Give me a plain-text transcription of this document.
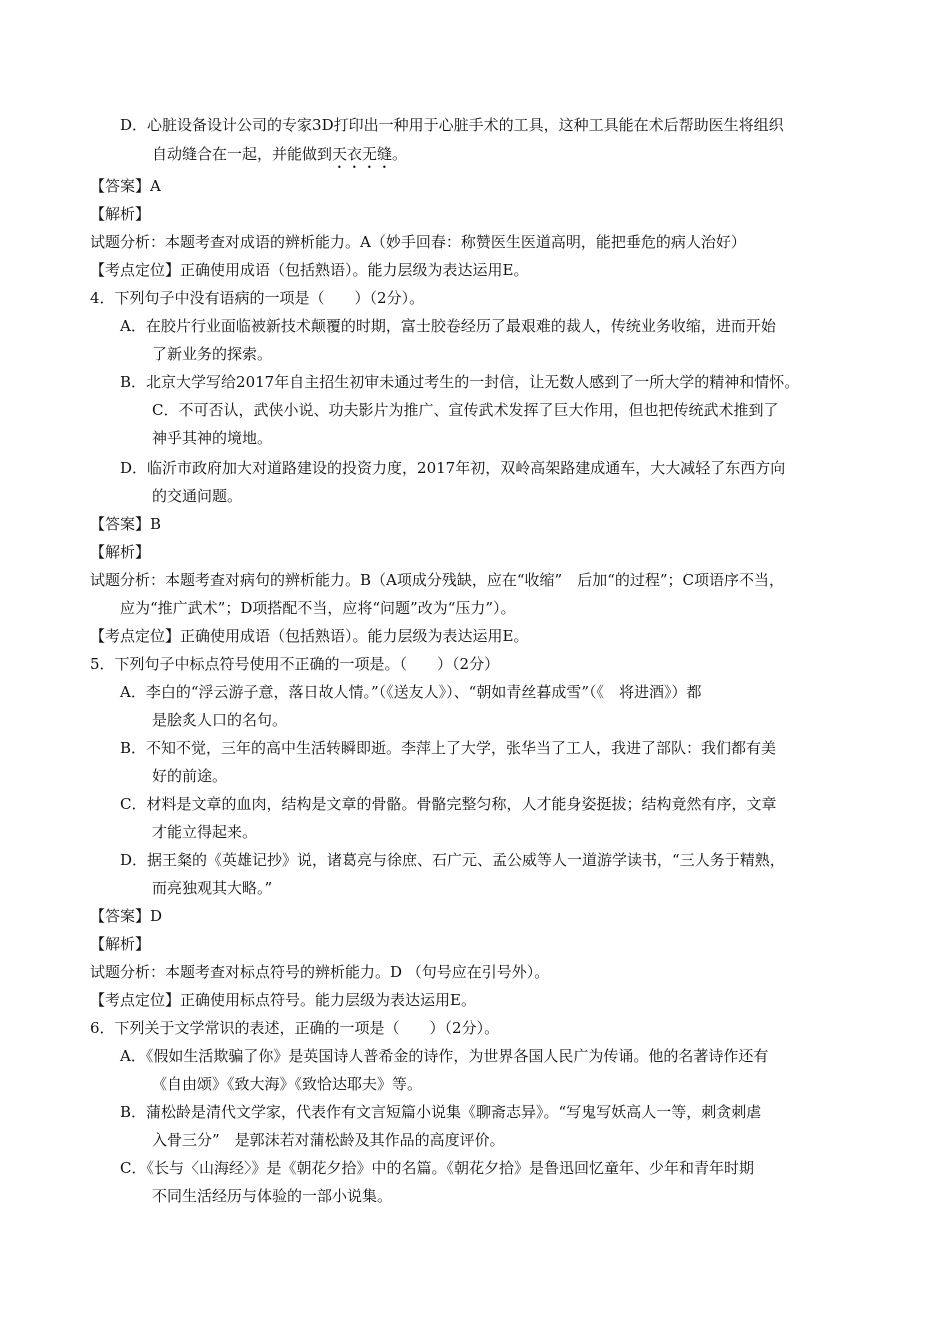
D．心脏设备设计公司的专家3D打印出一种用于心脏手术的工具，这种工具能在术后帮助医生将组织
自动缝合在一起，并能做到天衣无缝。
【答案】A
【解析】
试题分析：本题考查对成语的辨析能力。A（妙手回春：称赞医生医道高明，能把垂危的病人治好）
【考点定位】正确使用成语（包括熟语）。能力层级为表达运用E。
4．下列句子中没有语病的一项是（　　）（2分）。
A．在胶片行业面临被新技术颠覆的时期，富士胶卷经历了最艰难的裁人，传统业务收缩，进而开始
了新业务的探索。
B．北京大学写给2017年自主招生初审未通过考生的一封信，让无数人感到了一所大学的精神和情怀。
C．不可否认，武侠小说、功夫影片为推广、宣传武术发挥了巨大作用，但也把传统武术推到了
神乎其神的境地。
D．临沂市政府加大对道路建设的投资力度，2017年初，双岭高架路建成通车，大大减轻了东西方向
的交通问题。
【答案】B
【解析】
试题分析：本题考查对病句的辨析能力。B（A项成分残缺，应在“收缩”　后加“的过程”；C项语序不当，
应为“推广武术”；D项搭配不当，应将“问题”改为“压力”）。
【考点定位】正确使用成语（包括熟语）。能力层级为表达运用E。
5．下列句子中标点符号使用不正确的一项是。（　　）（2分）
A．李白的“浮云游子意，落日故人情。”（《送友人》）、“朝如青丝暮成雪”（《　将进酒》）都
是脍炙人口的名句。
B．不知不觉，三年的高中生活转瞬即逝。李萍上了大学，张华当了工人，我进了部队：我们都有美
好的前途。
C．材料是文章的血肉，结构是文章的骨骼。骨骼完整匀称，人才能身姿挺拔；结构竟然有序，文章
才能立得起来。
D．据王粲的《英雄记抄》说，诸葛亮与徐庶、石广元、孟公威等人一道游学读书，“三人务于精熟，
而亮独观其大略。”
【答案】D
【解析】
试题分析：本题考查对标点符号的辨析能力。D （句号应在引号外）。
【考点定位】正确使用标点符号。能力层级为表达运用E。
6．下列关于文学常识的表述，正确的一项是（　　）（2分）。
A．《假如生活欺骗了你》是英国诗人普希金的诗作，为世界各国人民广为传诵。他的名著诗作还有
《自由颂》《致大海》《致恰达耶夫》等。
B．蒲松龄是清代文学家，代表作有文言短篇小说集《聊斋志异》。“写鬼写妖高人一等，刺贪刺虐
入骨三分”　是郭沫若对蒲松龄及其作品的高度评价。
C．《长与〈山海经〉》是《朝花夕拾》中的名篇。《朝花夕拾》是鲁迅回忆童年、少年和青年时期
不同生活经历与体验的一部小说集。
